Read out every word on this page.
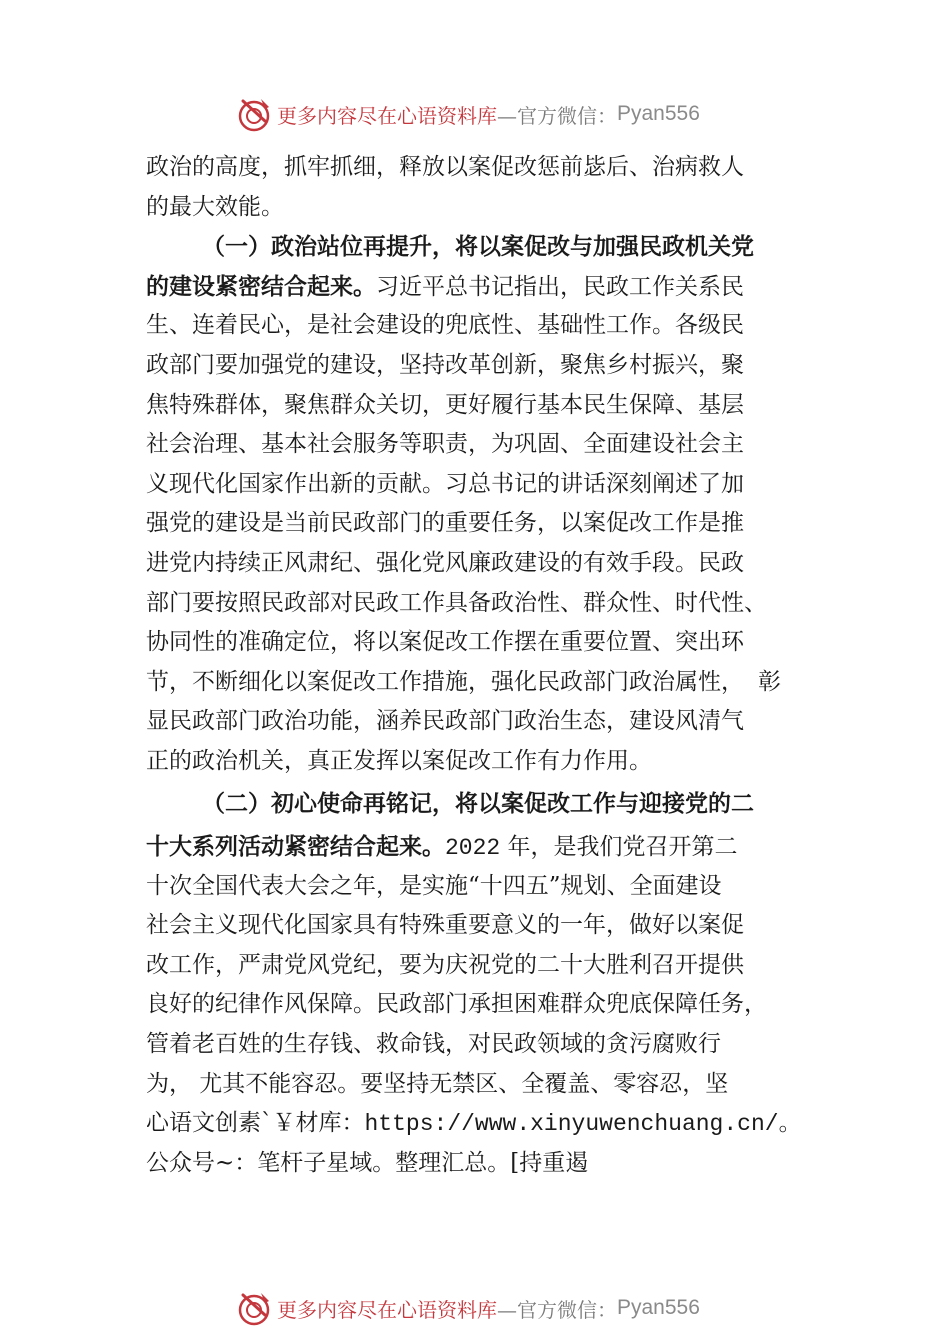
更多内容尽在心语资料库 —官方微信： Pyan556
政治的高度，抓牢抓细，释放以案促改惩前毖后、治病救人
的最大效能。
（一）政治站位再提升，将以案促改与加强民政机关党
的建设紧密结合起来。习近平总书记指出，民政工作关系民
生、连着民心，是社会建设的兜底性、基础性工作。各级民
政部门要加强党的建设，坚持改革创新，聚焦乡村振兴，聚
焦特殊群体，聚焦群众关切，更好履行基本民生保障、基层
社会治理、基本社会服务等职责，为巩固、全面建设社会主
义现代化国家作出新的贡献。习总书记的讲话深刻阐述了加
强党的建设是当前民政部门的重要任务，以案促改工作是推
进党内持续正风肃纪、强化党风廉政建设的有效手段。民政
部门要按照民政部对民政工作具备政治性、群众性、时代性、
协同性的准确定位，将以案促改工作摆在重要位置、突出环
节，不断细化以案促改工作措施，强化民政部门政治属性， 彰
显民政部门政治功能，涵养民政部门政治生态，建设风清气
正的政治机关，真正发挥以案促改工作有力作用。
（二）初心使命再铭记，将以案促改工作与迎接党的二
十大系列活动紧密结合起来。2022 年，是我们党召开第二
十次全国代表大会之年，是实施“十四五”规划、全面建设
社会主义现代化国家具有特殊重要意义的一年，做好以案促
改工作，严肃党风党纪，要为庆祝党的二十大胜利召开提供
良好的纪律作风保障。民政部门承担困难群众兜底保障任务，
管着老百姓的生存钱、救命钱，对民政领域的贪污腐败行
为， 尤其不能容忍。要坚持无禁区、全覆盖、零容忍，坚
心语文创素`￥材库：https://www.xinyuwenchuang.cn/。
公众号~：笔杆子星域。整理汇总。[持重遏
更多内容尽在心语资料库 —官方微信： Pyan556
